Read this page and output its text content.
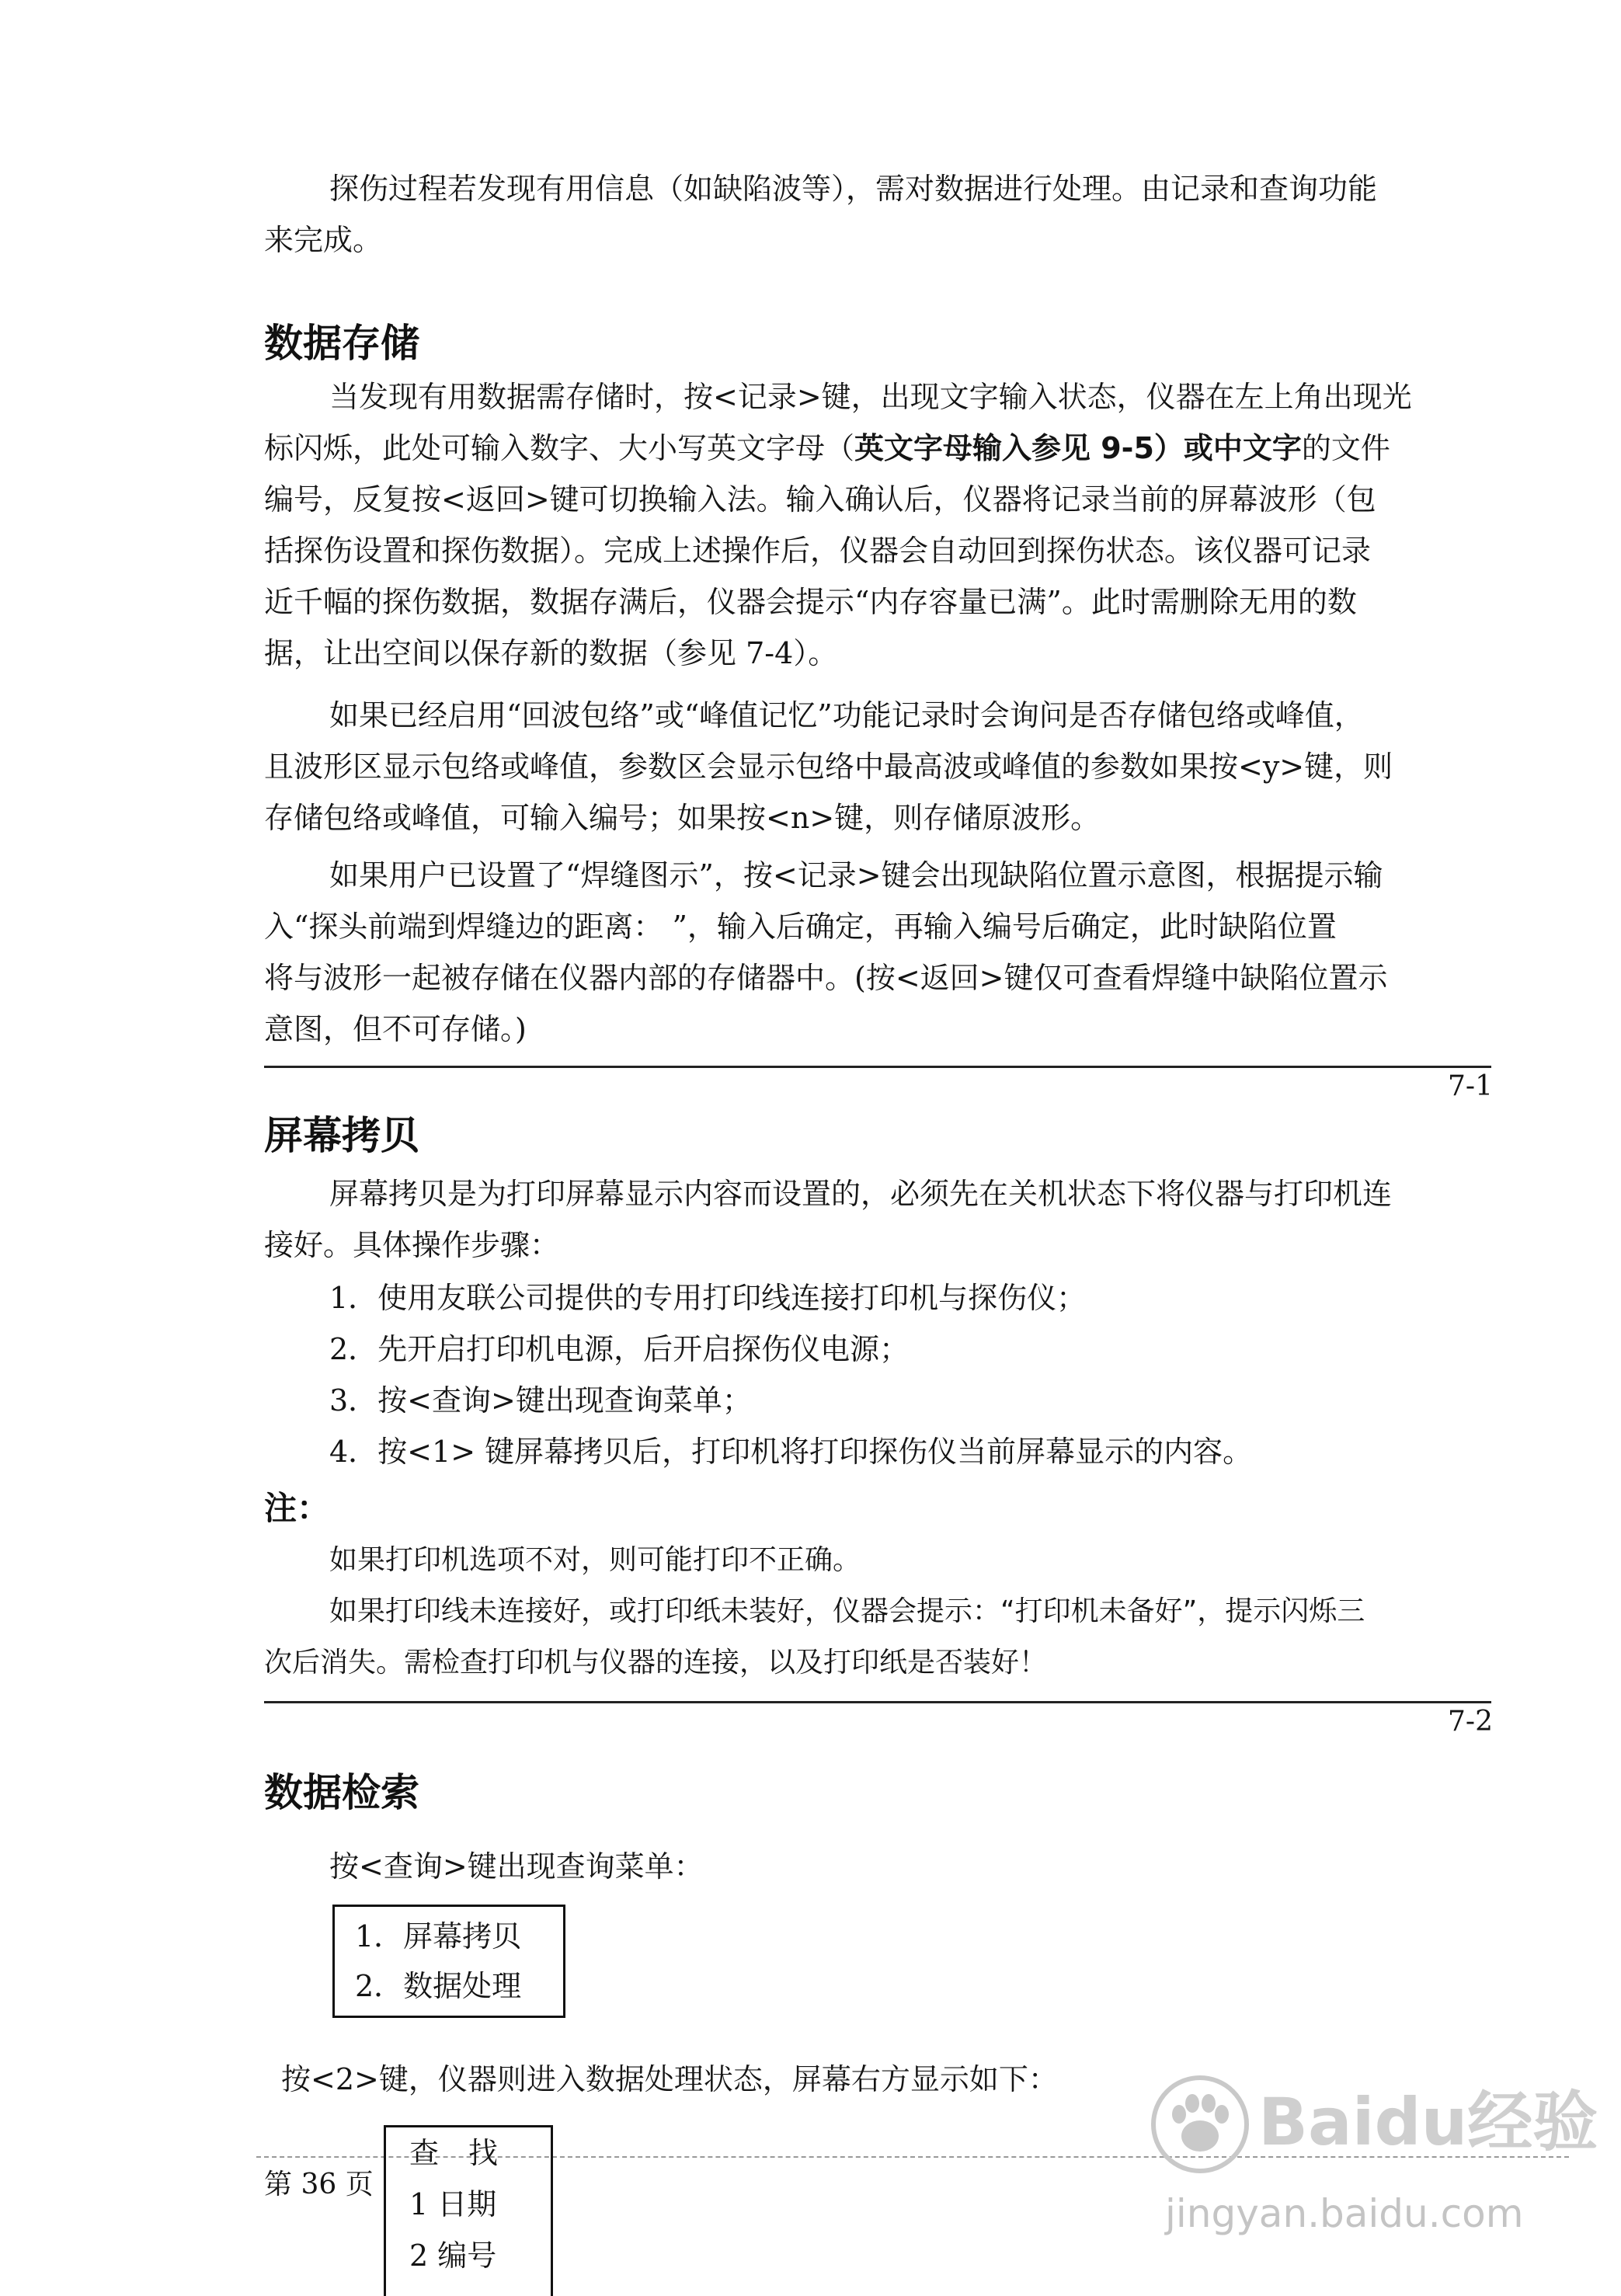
探伤过程若发现有用信息（如缺陷波等），需对数据进行处理。由记录和查询功能
来完成。
数据存储
当发现有用数据需存储时，按<记录>键，出现文字输入状态，仪器在左上角出现光
标闪烁，此处可输入数字、大小写英文字母（英文字母输入参见 9-5）或中文字的文件
编号，反复按<返回>键可切换输入法。输入确认后，仪器将记录当前的屏幕波形（包
括探伤设置和探伤数据）。完成上述操作后，仪器会自动回到探伤状态。该仪器可记录
近千幅的探伤数据，数据存满后，仪器会提示“内存容量已满”。此时需删除无用的数
据，让出空间以保存新的数据（参见 7-4）。
如果已经启用“回波包络”或“峰值记忆”功能记录时会询问是否存储包络或峰值，
且波形区显示包络或峰值，参数区会显示包络中最高波或峰值的参数如果按<y>键，则
存储包络或峰值，可输入编号；如果按<n>键，则存储原波形。
如果用户已设置了“焊缝图示”，按<记录>键会出现缺陷位置示意图，根据提示输
入“探头前端到焊缝边的距离： ”，输入后确定，再输入编号后确定，此时缺陷位置
将与波形一起被存储在仪器内部的存储器中。(按<返回>键仅可查看焊缝中缺陷位置示
意图，但不可存储。)
7-1
屏幕拷贝
屏幕拷贝是为打印屏幕显示内容而设置的，必须先在关机状态下将仪器与打印机连
接好。具体操作步骤：
1．使用友联公司提供的专用打印线连接打印机与探伤仪；
2．先开启打印机电源，后开启探伤仪电源；
3．按<查询>键出现查询菜单；
4．按<1> 键屏幕拷贝后，打印机将打印探伤仪当前屏幕显示的内容。
注：
如果打印机选项不对，则可能打印不正确。
如果打印线未连接好，或打印纸未装好，仪器会提示：“打印机未备好”，提示闪烁三
次后消失。需检查打印机与仪器的连接，以及打印纸是否装好！
7-2
数据检索
按<查询>键出现查询菜单：
1．屏幕拷贝
2．数据处理
按<2>键，仪器则进入数据处理状态，屏幕右方显示如下：
第 36 页
查　找
1 日期
2 编号
Baidu经验
jingyan.baidu.com
